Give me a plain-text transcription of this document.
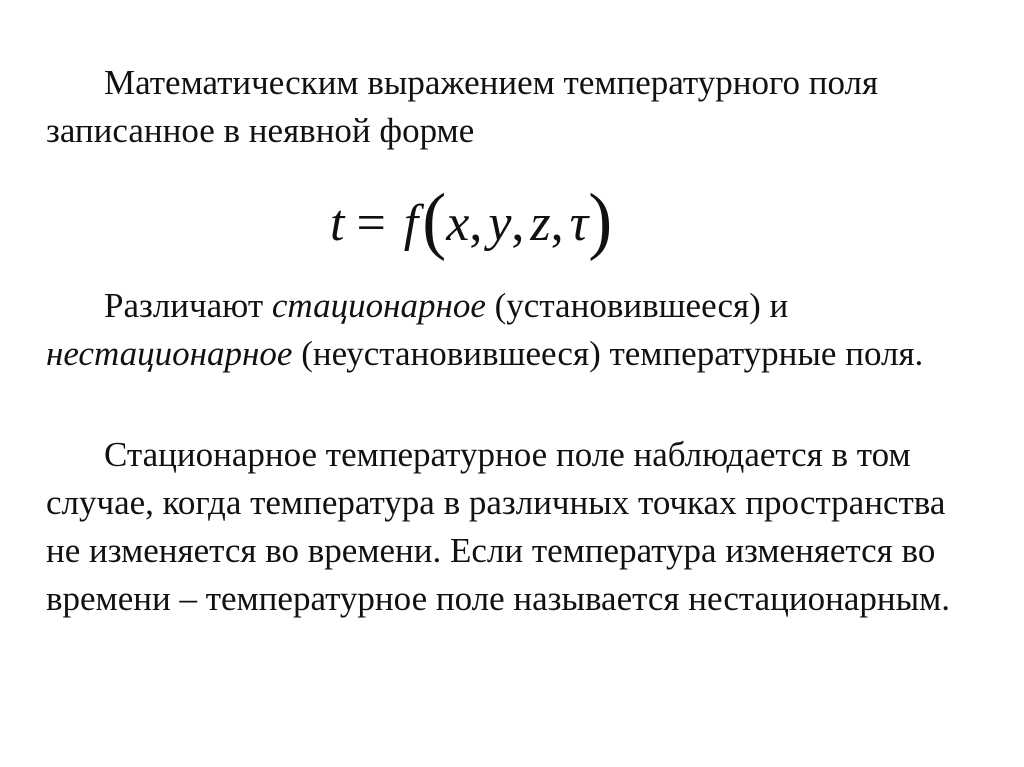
Математическим выражением температурного поля записанное в неявной форме
t = f(x, y, z, τ)
Различают стационарное (установившееся) и нестационарное (неустановившееся) температурные поля.
Стационарное температурное поле наблюдается в том случае, когда температура в различных точках пространства не изменяется во времени. Если температура изменяется во времени – температурное поле называется нестационарным.
